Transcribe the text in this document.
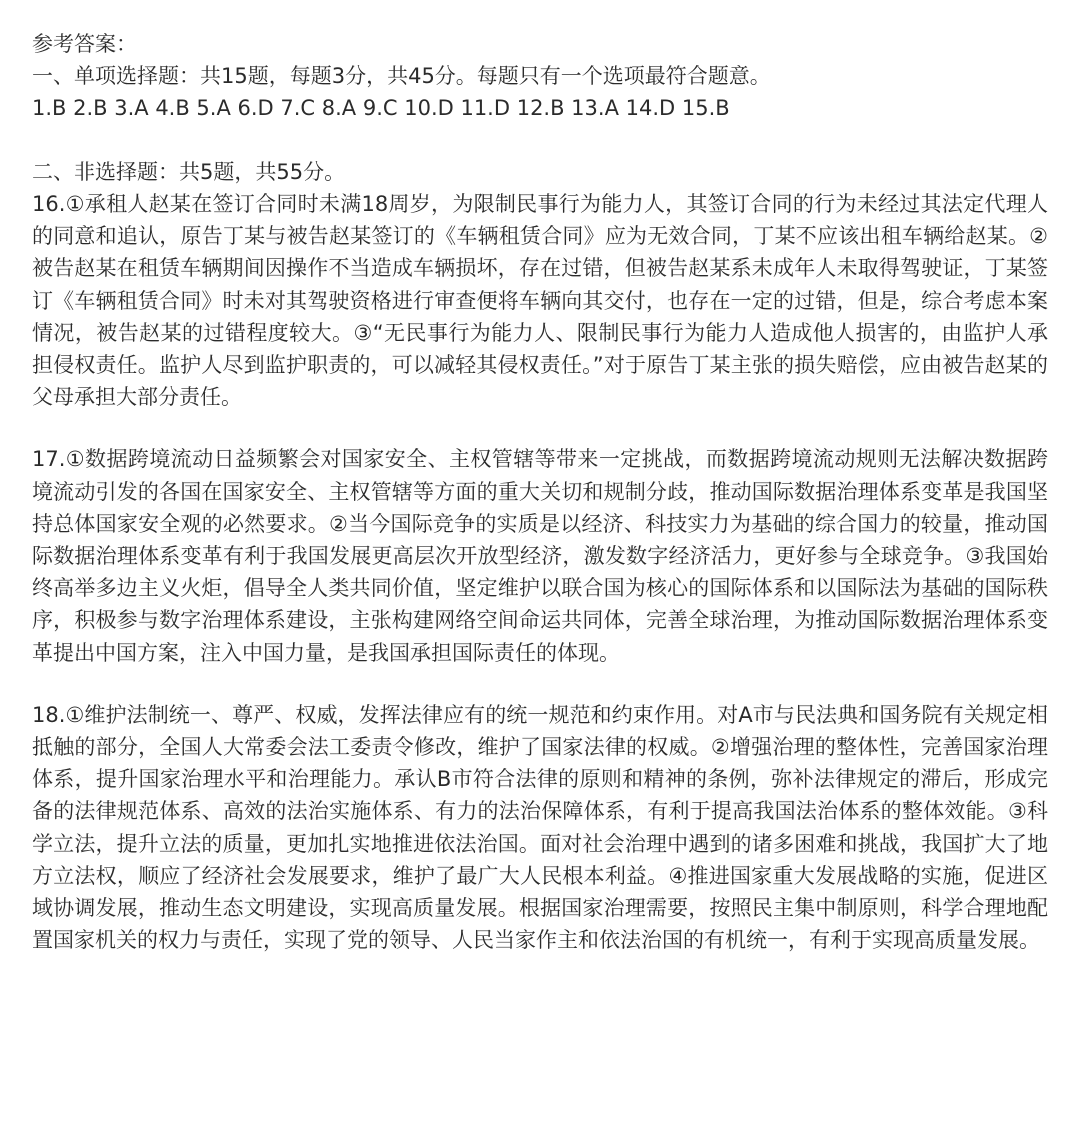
参考答案：

一、单项选择题：共15题，每题3分，共45分。每题只有一个选项最符合题意。

1.B 2.B 3.A 4.B 5.A 6.D 7.C 8.A 9.C 10.D 11.D 12.B 13.A 14.D 15.B

二、非选择题：共5题，共55分。

16.①承租人赵某在签订合同时未满18周岁，为限制民事行为能力人，其签订合同的行为未经过其法定代理人的同意和追认，原告丁某与被告赵某签订的《车辆租赁合同》应为无效合同，丁某不应该出租车辆给赵某。②被告赵某在租赁车辆期间因操作不当造成车辆损坏，存在过错，但被告赵某系未成年人未取得驾驶证，丁某签订《车辆租赁合同》时未对其驾驶资格进行审查便将车辆向其交付，也存在一定的过错，但是，综合考虑本案情况，被告赵某的过错程度较大。③“无民事行为能力人、限制民事行为能力人造成他人损害的，由监护人承担侵权责任。监护人尽到监护职责的，可以减轻其侵权责任。”对于原告丁某主张的损失赔偿，应由被告赵某的父母承担大部分责任。

17.①数据跨境流动日益频繁会对国家安全、主权管辖等带来一定挑战，而数据跨境流动规则无法解决数据跨境流动引发的各国在国家安全、主权管辖等方面的重大关切和规制分歧，推动国际数据治理体系变革是我国坚持总体国家安全观的必然要求。②当今国际竞争的实质是以经济、科技实力为基础的综合国力的较量，推动国际数据治理体系变革有利于我国发展更高层次开放型经济，激发数字经济活力，更好参与全球竞争。③我国始终高举多边主义火炬，倡导全人类共同价值，坚定维护以联合国为核心的国际体系和以国际法为基础的国际秩序，积极参与数字治理体系建设，主张构建网络空间命运共同体，完善全球治理，为推动国际数据治理体系变革提出中国方案，注入中国力量，是我国承担国际责任的体现。

18.①维护法制统一、尊严、权威，发挥法律应有的统一规范和约束作用。对A市与民法典和国务院有关规定相抵触的部分，全国人大常委会法工委责令修改，维护了国家法律的权威。②增强治理的整体性，完善国家治理体系，提升国家治理水平和治理能力。承认B市符合法律的原则和精神的条例，弥补法律规定的滞后，形成完备的法律规范体系、高效的法治实施体系、有力的法治保障体系，有利于提高我国法治体系的整体效能。③科学立法，提升立法的质量，更加扎实地推进依法治国。面对社会治理中遇到的诸多困难和挑战，我国扩大了地方立法权，顺应了经济社会发展要求，维护了最广大人民根本利益。④推进国家重大发展战略的实施，促进区域协调发展，推动生态文明建设，实现高质量发展。根据国家治理需要，按照民主集中制原则，科学合理地配置国家机关的权力与责任，实现了党的领导、人民当家作主和依法治国的有机统一，有利于实现高质量发展。
